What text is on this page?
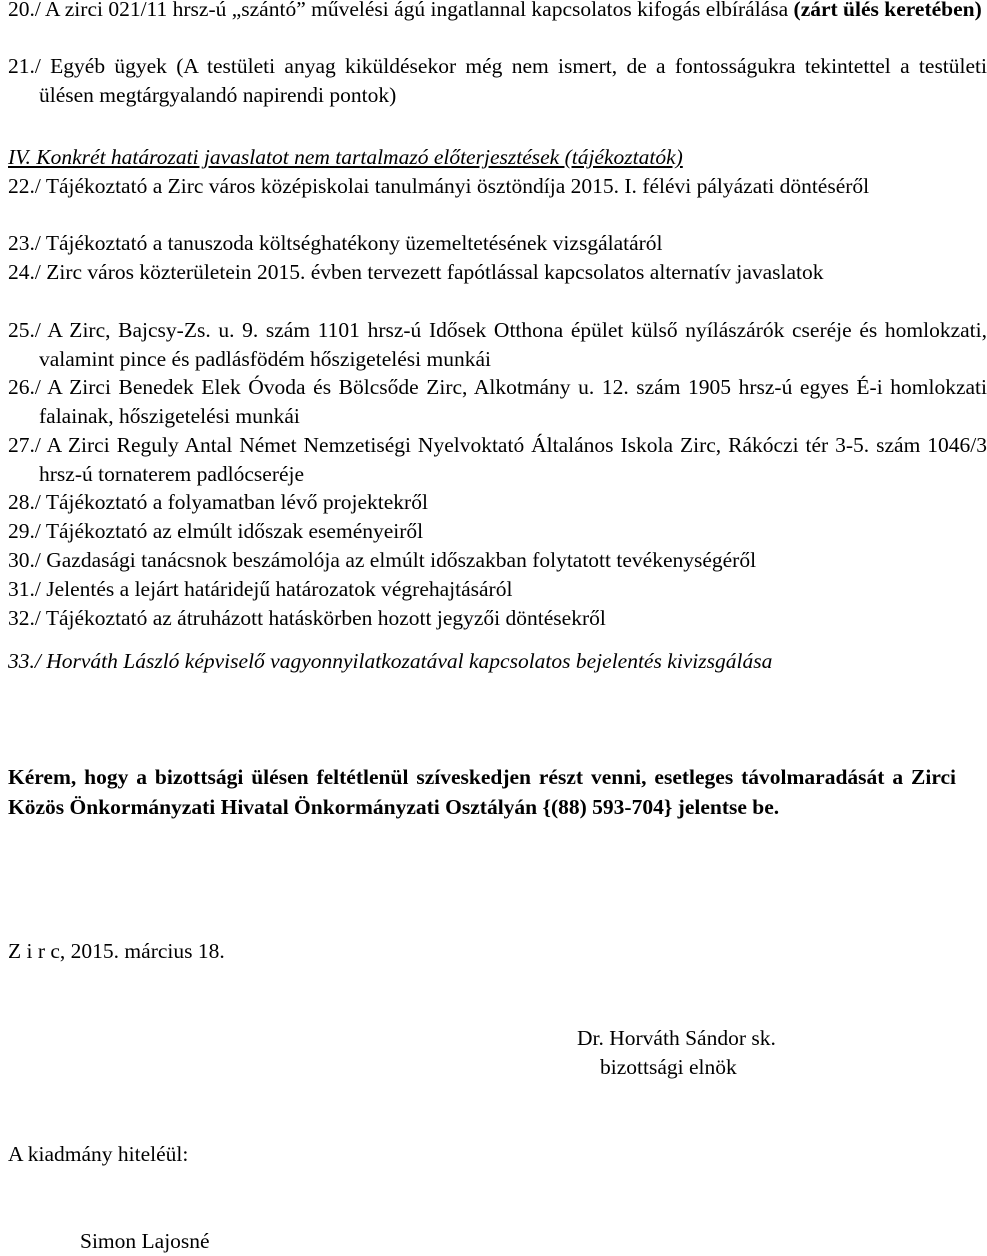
20./ A zirci 021/11 hrsz-ú „szántó” művelési ágú ingatlannal kapcsolatos kifogás elbírálása (zárt ülés keretében)
21./ Egyéb ügyek (A testületi anyag kiküldésekor még nem ismert, de a fontosságukra tekintettel a testületi ülésen megtárgyalandó napirendi pontok)
IV. Konkrét határozati javaslatot nem tartalmazó előterjesztések (tájékoztatók)
22./ Tájékoztató a Zirc város középiskolai tanulmányi ösztöndíja 2015. I. félévi pályázati döntéséről
23./ Tájékoztató a tanuszoda költséghatékony üzemeltetésének vizsgálatáról
24./ Zirc város közterületein 2015. évben tervezett fapótlással kapcsolatos alternatív javaslatok
25./ A Zirc, Bajcsy-Zs. u. 9. szám 1101 hrsz-ú Idősek Otthona épület külső nyílászárók cseréje és homlokzati, valamint pince és padlásfödém hőszigetelési munkái
26./ A Zirci Benedek Elek Óvoda és Bölcsőde Zirc, Alkotmány u. 12. szám 1905 hrsz-ú egyes É-i homlokzati falainak, hőszigetelési munkái
27./ A Zirci Reguly Antal Német Nemzetiségi Nyelvoktató Általános Iskola Zirc, Rákóczi tér 3-5. szám 1046/3 hrsz-ú tornaterem padlócseréje
28./ Tájékoztató a folyamatban lévő projektekről
29./ Tájékoztató az elmúlt időszak eseményeiről
30./ Gazdasági tanácsnok beszámolója az elmúlt időszakban folytatott tevékenységéről
31./ Jelentés a lejárt határidejű határozatok végrehajtásáról
32./ Tájékoztató az átruházott hatáskörben hozott jegyzői döntésekről
33./ Horváth László képviselő vagyonnyilatkozatával kapcsolatos bejelentés kivizsgálása
Kérem, hogy a bizottsági ülésen feltétlenül szíveskedjen részt venni, esetleges távolmaradását a Zirci Közös Önkormányzati Hivatal Önkormányzati Osztályán {(88) 593-704} jelentse be.
Z i r c, 2015. március 18.
Dr. Horváth Sándor sk.
bizottsági elnök
A kiadmány hiteléül:
Simon Lajosné
